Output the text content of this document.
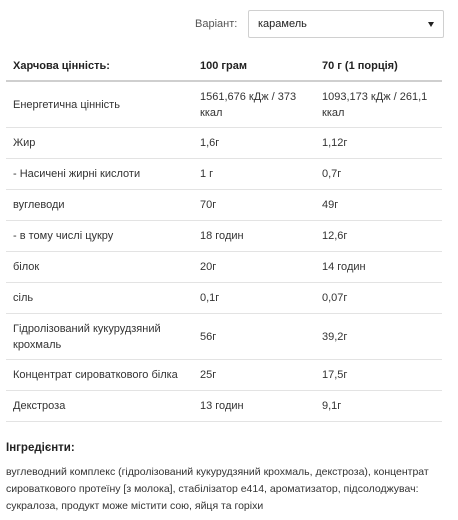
Варіант: карамель
Харчова цінність:	100 грам	70 г (1 порція)
Енергетична цінність	1561,676 кДж / 373 ккал	1093,173 кДж / 261,1 ккал
Жир	1,6г	1,12г
- Насичені жирні кислоти	1 г	0,7г
вуглеводи	70г	49г
- в тому числі цукру	18 годин	12,6г
білок	20г	14 годин
сіль	0,1г	0,07г
Гідролізований кукурудзяний крохмаль	56г	39,2г
Концентрат сироваткового білка	25г	17,5г
Декстроза	13 годин	9,1г
Інгредієнти:
вуглеводний комплекс (гідролізований кукурудзяний крохмаль, декстроза), концентрат сироваткового протеїну [з молока], стабілізатор е414, ароматизатор, підсолоджувач: сукралоза, продукт може містити сою, яйця та горіхи
